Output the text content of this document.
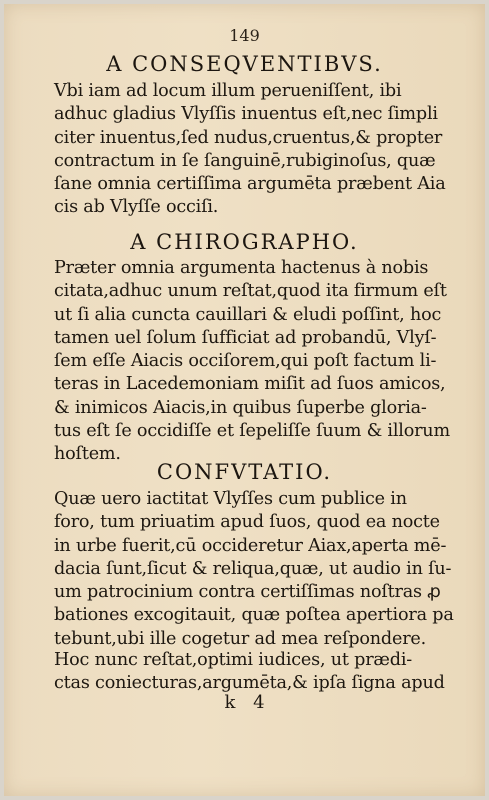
149
A CONSEQVENTIBVS.
Vbi iam ad locum illum perueniſſent, ibi
adhuc gladius Vlyſſis inuentus eſt,nec ſimpli
citer inuentus,ſed nudus,cruentus,& propter
contractum in ſe ſanguinē,rubiginoſus, quæ
ſane omnia certiſſima argumēta præbent Aia
cis ab Vlyſſe occiſi.
A CHIROGRAPHO.
Præter omnia argumenta hactenus à nobis
citata,adhuc unum reſtat,quod ita firmum eſt
ut ſi alia cuncta cauillari & eludi poſſint, hoc
tamen uel ſolum ſufficiat ad probandū, Vlyſ-
ſem eſſe Aiacis occiſorem,qui poſt factum li-
teras in Lacedemoniam miſit ad ſuos amicos,
& inimicos Aiacis,in quibus ſuperbe gloria-
tus eſt ſe occidiſſe et ſepeliſſe ſuum & illorum
hoſtem.
CONFVTATIO.
Quæ uero iactitat Vlyſſes cum publice in
foro, tum priuatim apud ſuos, quod ea nocte
in urbe fuerit,cū occideretur Aiax,aperta mē-
dacia ſunt,ſicut & reliqua,quæ, ut audio in ſu-
um patrocinium contra certiſſimas noſtras ꝓ
bationes excogitauit, quæ poſtea apertiora pa
tebunt,ubi ille cogetur ad mea reſpondere.
Hoc nunc reſtat,optimi iudices, ut prædi-
ctas coniecturas,argumēta,& ipſa ſigna apud
k 4
